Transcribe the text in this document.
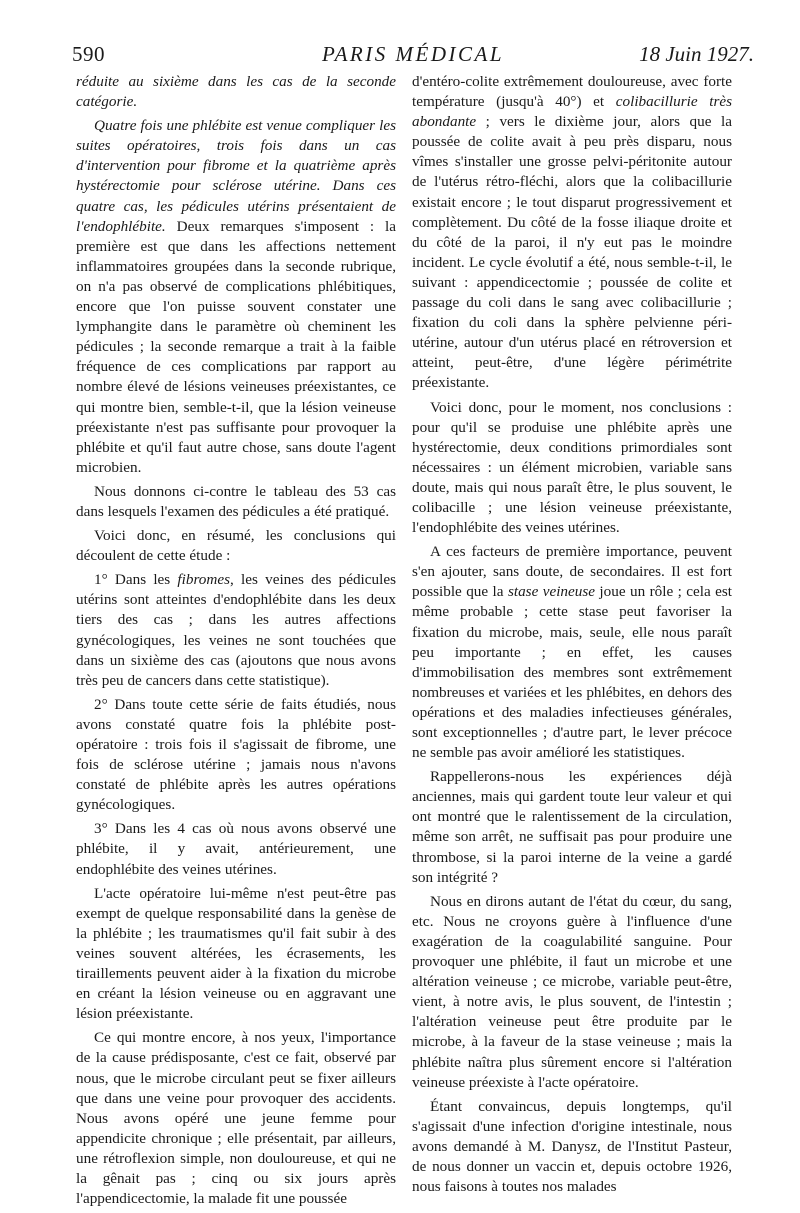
590	PARIS MÉDICAL	18 Juin 1927.

réduite au sixième dans les cas de la seconde catégorie.

Quatre fois une phlébite est venue compliquer les suites opératoires, trois fois dans un cas d'intervention pour fibrome et la quatrième après hystérectomie pour sclérose utérine. Dans ces quatre cas, les pédicules utérins présentaient de l'endophlébite. Deux remarques s'imposent : la première est que dans les affections nettement inflammatoires groupées dans la seconde rubrique, on n'a pas observé de complications phlébitiques, encore que l'on puisse souvent constater une lymphangite dans le paramètre où cheminent les pédicules ; la seconde remarque a trait à la faible fréquence de ces complications par rapport au nombre élevé de lésions veineuses préexistantes, ce qui montre bien, semble-t-il, que la lésion veineuse préexistante n'est pas suffisante pour provoquer la phlébite et qu'il faut autre chose, sans doute l'agent microbien.

Nous donnons ci-contre le tableau des 53 cas dans lesquels l'examen des pédicules a été pratiqué.

Voici donc, en résumé, les conclusions qui découlent de cette étude :

1° Dans les fibromes, les veines des pédicules utérins sont atteintes d'endophlébite dans les deux tiers des cas ; dans les autres affections gynécologiques, les veines ne sont touchées que dans un sixième des cas (ajoutons que nous avons très peu de cancers dans cette statistique).

2° Dans toute cette série de faits étudiés, nous avons constaté quatre fois la phlébite post-opératoire : trois fois il s'agissait de fibrome, une fois de sclérose utérine ; jamais nous n'avons constaté de phlébite après les autres opérations gynécologiques.

3° Dans les 4 cas où nous avons observé une phlébite, il y avait, antérieurement, une endophlébite des veines utérines.

L'acte opératoire lui-même n'est peut-être pas exempt de quelque responsabilité dans la genèse de la phlébite ; les traumatismes qu'il fait subir à des veines souvent altérées, les écrasements, les tiraillements peuvent aider à la fixation du microbe en créant la lésion veineuse ou en aggravant une lésion préexistante.

Ce qui montre encore, à nos yeux, l'importance de la cause prédisposante, c'est ce fait, observé par nous, que le microbe circulant peut se fixer ailleurs que dans une veine pour provoquer des accidents. Nous avons opéré une jeune femme pour appendicite chronique ; elle présentait, par ailleurs, une rétroflexion simple, non douloureuse, et qui ne la gênait pas ; cinq ou six jours après l'appendicectomie, la malade fit une poussée

d'entéro-colite extrêmement douloureuse, avec forte température (jusqu'à 40°) et colibacillurie très abondante ; vers le dixième jour, alors que la poussée de colite avait à peu près disparu, nous vîmes s'installer une grosse pelvi-péritonite autour de l'utérus rétro-fléchi, alors que la colibacillurie existait encore ; le tout disparut progressivement et complètement. Du côté de la fosse iliaque droite et du côté de la paroi, il n'y eut pas le moindre incident. Le cycle évolutif a été, nous semble-t-il, le suivant : appendicectomie ; poussée de colite et passage du coli dans le sang avec colibacillurie ; fixation du coli dans la sphère pelvienne péri-utérine, autour d'un utérus placé en rétroversion et atteint, peut-être, d'une légère périmétrite préexistante.

Voici donc, pour le moment, nos conclusions : pour qu'il se produise une phlébite après une hystérectomie, deux conditions primordiales sont nécessaires : un élément microbien, variable sans doute, mais qui nous paraît être, le plus souvent, le colibacille ; une lésion veineuse préexistante, l'endophlébite des veines utérines.

A ces facteurs de première importance, peuvent s'en ajouter, sans doute, de secondaires. Il est fort possible que la stase veineuse joue un rôle ; cela est même probable ; cette stase peut favoriser la fixation du microbe, mais, seule, elle nous paraît peu importante ; en effet, les causes d'immobilisation des membres sont extrêmement nombreuses et variées et les phlébites, en dehors des opérations et des maladies infectieuses générales, sont exceptionnelles ; d'autre part, le lever précoce ne semble pas avoir amélioré les statistiques.

Rappellerons-nous les expériences déjà anciennes, mais qui gardent toute leur valeur et qui ont montré que le ralentissement de la circulation, même son arrêt, ne suffisait pas pour produire une thrombose, si la paroi interne de la veine a gardé son intégrité ?

Nous en dirons autant de l'état du cœur, du sang, etc. Nous ne croyons guère à l'influence d'une exagération de la coagulabilité sanguine. Pour provoquer une phlébite, il faut un microbe et une altération veineuse ; ce microbe, variable peut-être, vient, à notre avis, le plus souvent, de l'intestin ; l'altération veineuse peut être produite par le microbe, à la faveur de la stase veineuse ; mais la phlébite naîtra plus sûrement encore si l'altération veineuse préexiste à l'acte opératoire.

Étant convaincus, depuis longtemps, qu'il s'agissait d'une infection d'origine intestinale, nous avons demandé à M. Danysz, de l'Institut Pasteur, de nous donner un vaccin et, depuis octobre 1926, nous faisons à toutes nos malades
